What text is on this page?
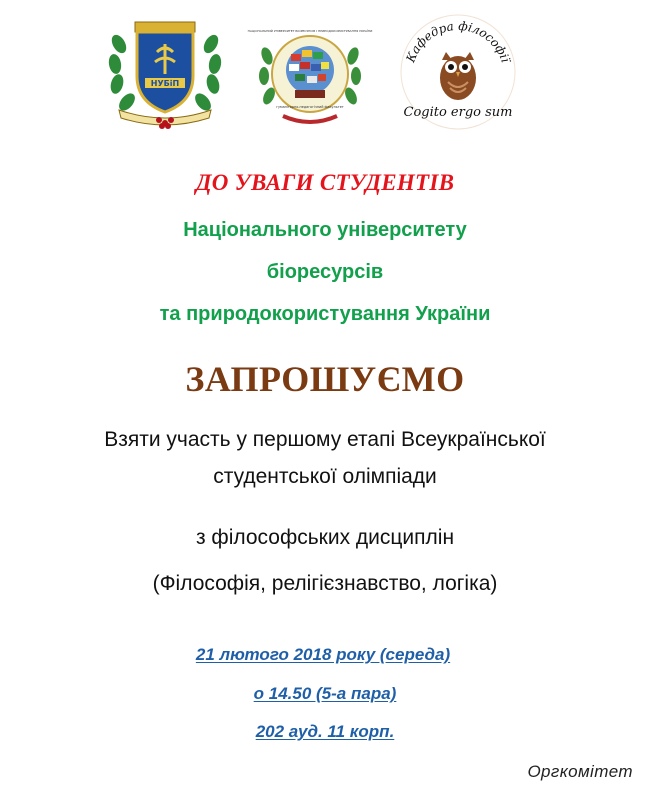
НУБіП
гуманітарно-педагогічний факультет
НАЦІОНАЛЬНИЙ УНІВЕРСИТЕТ БІОРЕСУРСІВ І ПРИРОДОКОРИСТУВАННЯ УКРАЇНИ
Кафедра філософії
Cogito ergo sum
ДО УВАГИ СТУДЕНТІВ
Національного університету
біоресурсів
та природокористування України
ЗАПРОШУЄМО
Взяти участь у першому етапі Всеукраїнської
студентської олімпіади
з філософських дисциплін
(Філософія, релігієзнавство, логіка)
21 лютого 2018 року (середа)
о 14.50 (5-а пара)
202 ауд. 11 корп.
Оргкомітет
